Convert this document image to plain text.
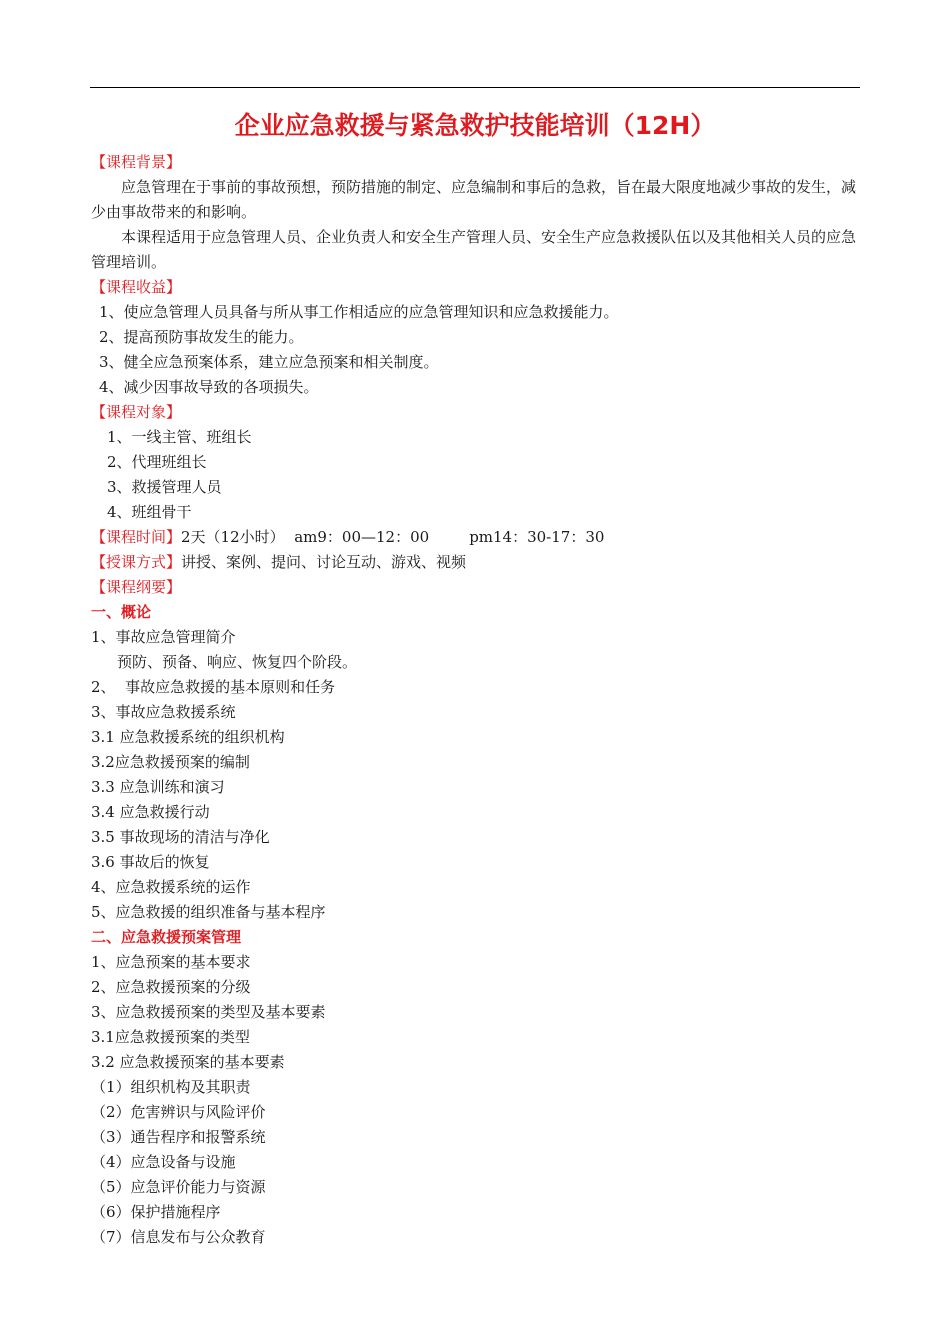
企业应急救援与紧急救护技能培训（12H）
【课程背景】
应急管理在于事前的事故预想，预防措施的制定、应急编制和事后的急救，旨在最大限度地减少事故的发生，减少由事故带来的和影响。
本课程适用于应急管理人员、企业负责人和安全生产管理人员、安全生产应急救援队伍以及其他相关人员的应急管理培训。
【课程收益】
1、使应急管理人员具备与所从事工作相适应的应急管理知识和应急救援能力。
2、提高预防事故发生的能力。
3、健全应急预案体系，建立应急预案和相关制度。
4、减少因事故导致的各项损失。
【课程对象】
1、一线主管、班组长
2、代理班组长
3、救援管理人员
4、班组骨干
【课程时间】2天（12小时） am9：00—12：00	pm14：30-17：30
【授课方式】讲授、案例、提问、讨论互动、游戏、视频
【课程纲要】
一、概论
1、事故应急管理简介
预防、预备、响应、恢复四个阶段。
2、  事故应急救援的基本原则和任务
3、事故应急救援系统
3.1 应急救援系统的组织机构
3.2应急救援预案的编制
3.3 应急训练和演习
3.4 应急救援行动
3.5 事故现场的清洁与净化
3.6 事故后的恢复
4、应急救援系统的运作
5、应急救援的组织准备与基本程序
二、应急救援预案管理
1、应急预案的基本要求
2、应急救援预案的分级
3、应急救援预案的类型及基本要素
3.1应急救援预案的类型
3.2 应急救援预案的基本要素
（1）组织机构及其职责
（2）危害辨识与风险评价
（3）通告程序和报警系统
（4）应急设备与设施
（5）应急评价能力与资源
（6）保护措施程序
（7）信息发布与公众教育
